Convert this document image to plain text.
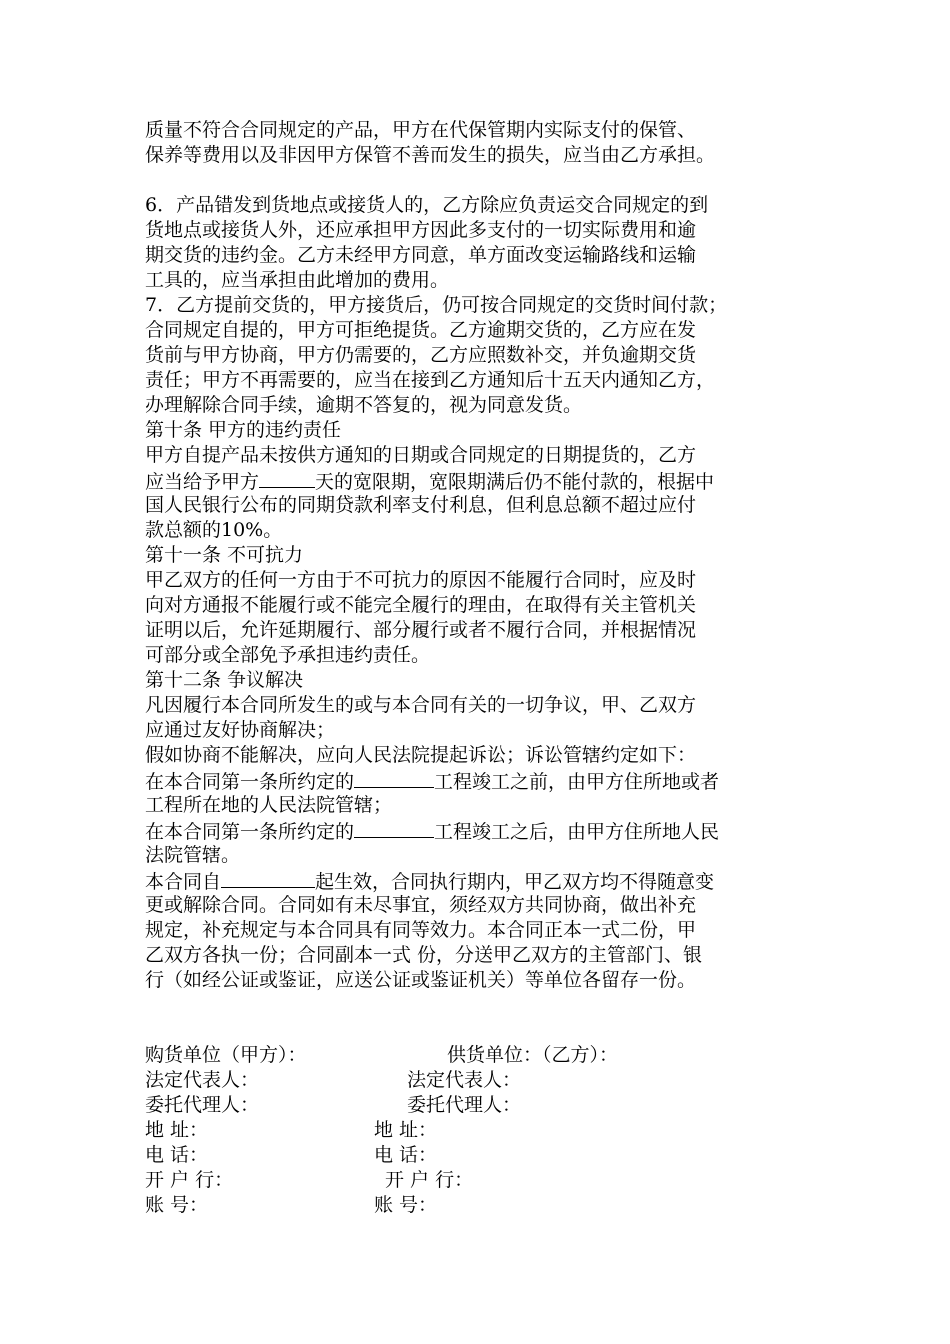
质量不符合合同规定的产品，甲方在代保管期内实际支付的保管、
保养等费用以及非因甲方保管不善而发生的损失，应当由乙方承担。
6．产品错发到货地点或接货人的，乙方除应负责运交合同规定的到
货地点或接货人外，还应承担甲方因此多支付的一切实际费用和逾
期交货的违约金。乙方未经甲方同意，单方面改变运输路线和运输
工具的，应当承担由此增加的费用。
7．乙方提前交货的，甲方接货后，仍可按合同规定的交货时间付款；
合同规定自提的，甲方可拒绝提货。乙方逾期交货的，乙方应在发
货前与甲方协商，甲方仍需要的，乙方应照数补交，并负逾期交货
责任；甲方不再需要的，应当在接到乙方通知后十五天内通知乙方，
办理解除合同手续，逾期不答复的，视为同意发货。
第十条 甲方的违约责任
甲方自提产品未按供方通知的日期或合同规定的日期提货的，乙方
应当给予甲方	天的宽限期，宽限期满后仍不能付款的，根据中
国人民银行公布的同期贷款利率支付利息，但利息总额不超过应付
款总额的10%。
第十一条 不可抗力
甲乙双方的任何一方由于不可抗力的原因不能履行合同时，应及时
向对方通报不能履行或不能完全履行的理由，在取得有关主管机关
证明以后，允许延期履行、部分履行或者不履行合同，并根据情况
可部分或全部免予承担违约责任。
第十二条 争议解决
凡因履行本合同所发生的或与本合同有关的一切争议，甲、乙双方
应通过友好协商解决；
假如协商不能解决，应向人民法院提起诉讼；诉讼管辖约定如下：
在本合同第一条所约定的	工程竣工之前，由甲方住所地或者
工程所在地的人民法院管辖；
在本合同第一条所约定的	工程竣工之后，由甲方住所地人民
法院管辖。
本合同自	起生效，合同执行期内，甲乙双方均不得随意变
更或解除合同。合同如有未尽事宜，须经双方共同协商，做出补充
规定，补充规定与本合同具有同等效力。本合同正本一式二份，甲
乙双方各执一份；合同副本一式 份，分送甲乙双方的主管部门、银
行（如经公证或鉴证，应送公证或鉴证机关）等单位各留存一份。
购货单位（甲方）：	供货单位：（乙方）：
法定代表人：	法定代表人：
委托代理人：	委托代理人：
地 址：	地 址：
电 话：	电 话：
开 户 行：	开 户 行：
账 号：	账 号：
